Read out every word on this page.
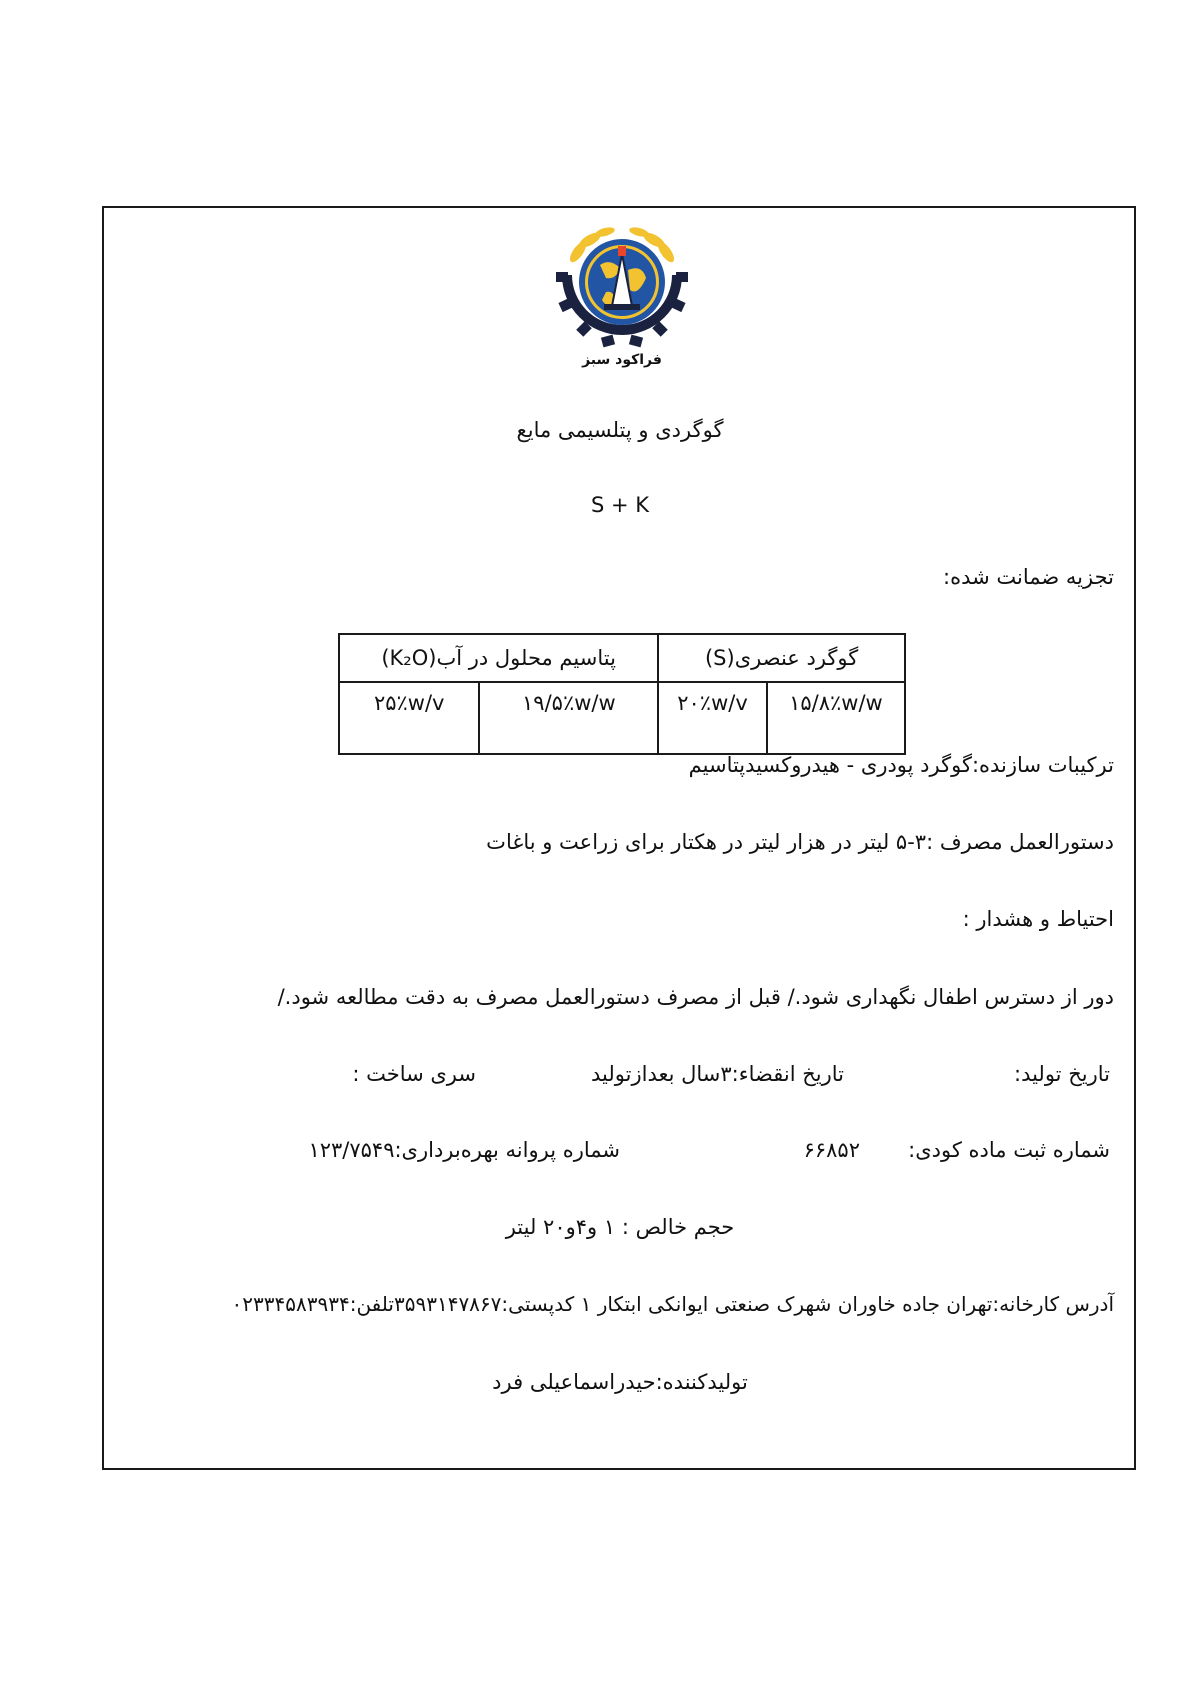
فراکود سبز
گوگردی و پتلسیمی مایع
S + K
تجزیه ضمانت شده:
گوگرد عنصری(S)		پتاسیم محلول در آب(K₂O)	
۱۵/۸٪w/w	۲۰٪w/v	۱۹/۵٪w/w	۲۵٪w/v
ترکیبات سازنده:گوگرد پودری - هیدروکسیدپتاسیم
دستورالعمل مصرف :۳-۵ لیتر در هزار لیتر در هکتار برای زراعت و باغات
احتیاط و هشدار :
دور از دسترس اطفال نگهداری شود./ قبل از مصرف دستورالعمل مصرف به دقت مطالعه شود./
تاریخ تولید:
تاریخ انقضاء:۳سال بعدازتولید
سری ساخت :
شماره ثبت ماده کودی:
۶۶۸۵۲
شماره پروانه بهره‌برداری:۱۲۳/۷۵۴۹
حجم خالص : ۱ و۴و۲۰ لیتر
آدرس کارخانه:تهران جاده خاوران شهرک صنعتی ایوانکی ابتکار ۱ کدپستی:۳۵۹۳۱۴۷۸۶۷تلفن:۰۲۳۳۴۵۸۳۹۳۴
تولیدکننده:حیدراسماعیلی فرد
